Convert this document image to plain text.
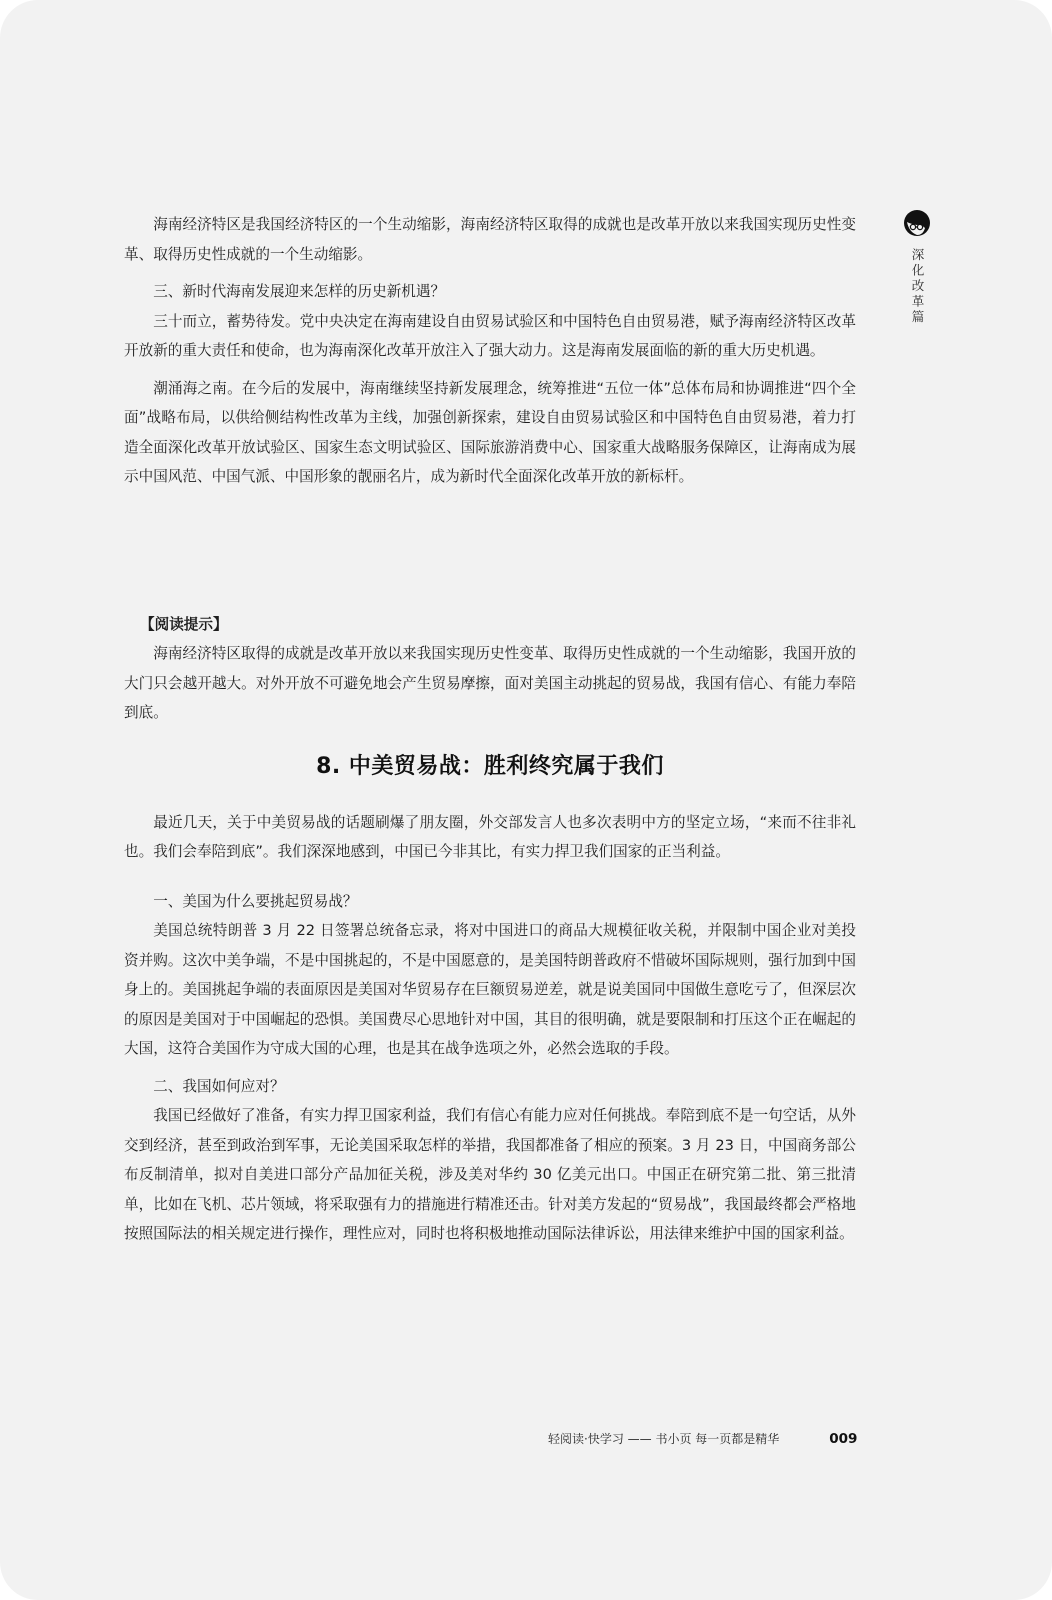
深化改革篇

海南经济特区是我国经济特区的一个生动缩影，海南经济特区取得的成就也是改革开放以来我国实现历史性变革、取得历史性成就的一个生动缩影。

三、新时代海南发展迎来怎样的历史新机遇？

三十而立，蓄势待发。党中央决定在海南建设自由贸易试验区和中国特色自由贸易港，赋予海南经济特区改革开放新的重大责任和使命，也为海南深化改革开放注入了强大动力。这是海南发展面临的新的重大历史机遇。

潮涌海之南。在今后的发展中，海南继续坚持新发展理念，统筹推进“五位一体”总体布局和协调推进“四个全面”战略布局，以供给侧结构性改革为主线，加强创新探索，建设自由贸易试验区和中国特色自由贸易港，着力打造全面深化改革开放试验区、国家生态文明试验区、国际旅游消费中心、国家重大战略服务保障区，让海南成为展示中国风范、中国气派、中国形象的靓丽名片，成为新时代全面深化改革开放的新标杆。

【阅读提示】

海南经济特区取得的成就是改革开放以来我国实现历史性变革、取得历史性成就的一个生动缩影，我国开放的大门只会越开越大。对外开放不可避免地会产生贸易摩擦，面对美国主动挑起的贸易战，我国有信心、有能力奉陪到底。

8. 中美贸易战：胜利终究属于我们

最近几天，关于中美贸易战的话题刷爆了朋友圈，外交部发言人也多次表明中方的坚定立场，“来而不往非礼也。我们会奉陪到底”。我们深深地感到，中国已今非其比，有实力捍卫我们国家的正当利益。

一、美国为什么要挑起贸易战？

美国总统特朗普 3 月 22 日签署总统备忘录，将对中国进口的商品大规模征收关税，并限制中国企业对美投资并购。这次中美争端，不是中国挑起的，不是中国愿意的，是美国特朗普政府不惜破坏国际规则，强行加到中国身上的。美国挑起争端的表面原因是美国对华贸易存在巨额贸易逆差，就是说美国同中国做生意吃亏了，但深层次的原因是美国对于中国崛起的恐惧。美国费尽心思地针对中国，其目的很明确，就是要限制和打压这个正在崛起的大国，这符合美国作为守成大国的心理，也是其在战争选项之外，必然会选取的手段。

二、我国如何应对？

我国已经做好了准备，有实力捍卫国家利益，我们有信心有能力应对任何挑战。奉陪到底不是一句空话，从外交到经济，甚至到政治到军事，无论美国采取怎样的举措，我国都准备了相应的预案。3 月 23 日，中国商务部公布反制清单，拟对自美进口部分产品加征关税，涉及美对华约 30 亿美元出口。中国正在研究第二批、第三批清单，比如在飞机、芯片领域，将采取强有力的措施进行精准还击。针对美方发起的“贸易战”，我国最终都会严格地按照国际法的相关规定进行操作，理性应对，同时也将积极地推动国际法律诉讼，用法律来维护中国的国家利益。

轻阅读·快学习 —— 书小页 每一页都是精华	009
